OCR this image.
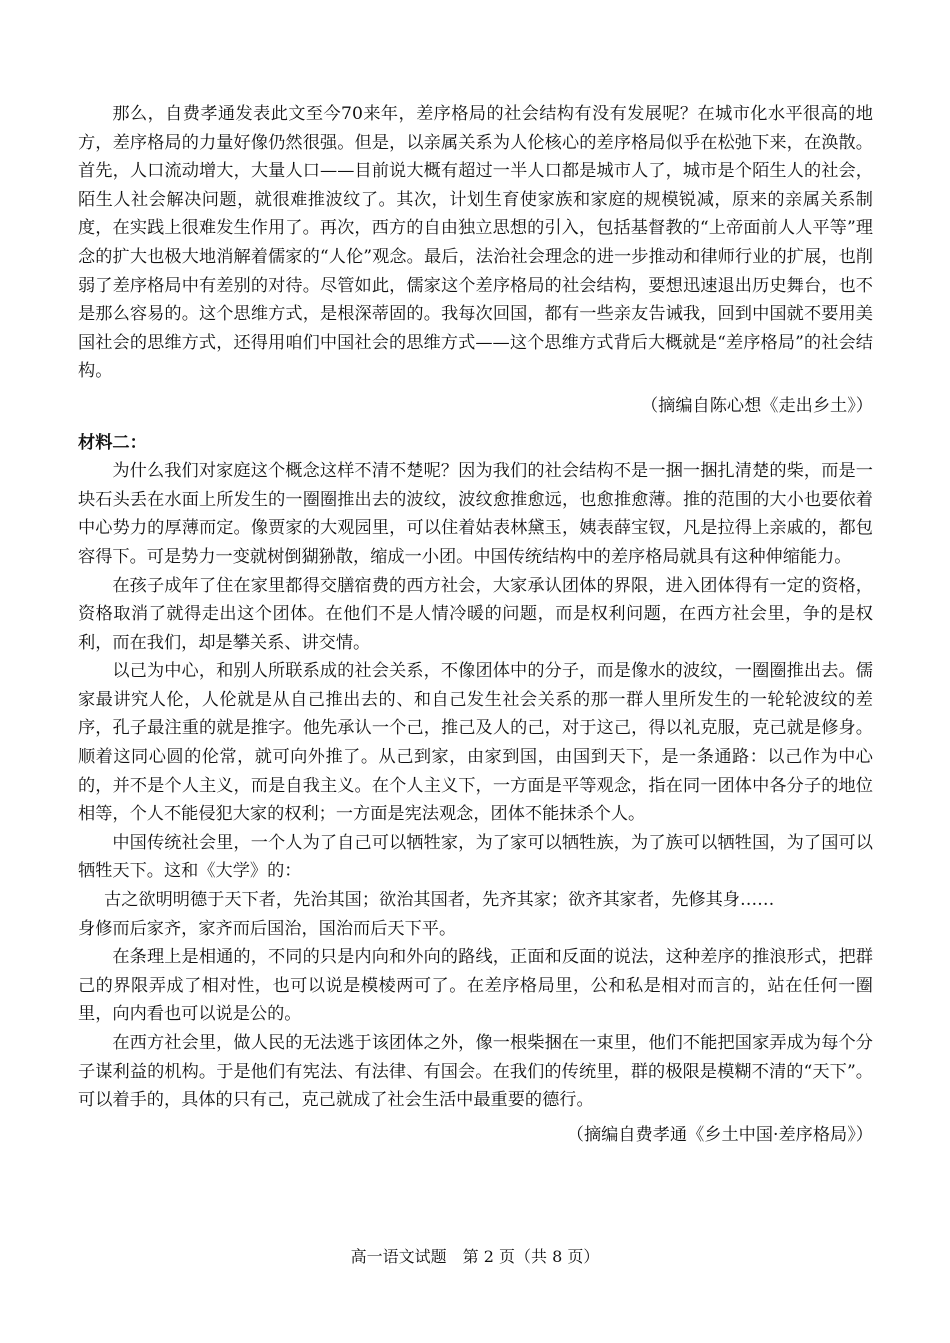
那么，自费孝通发表此文至今70来年，差序格局的社会结构有没有发展呢？在城市化水平很高的地方，差序格局的力量好像仍然很强。但是，以亲属关系为人伦核心的差序格局似乎在松弛下来，在涣散。首先，人口流动增大，大量人口——目前说大概有超过一半人口都是城市人了，城市是个陌生人的社会，陌生人社会解决问题，就很难推波纹了。其次，计划生育使家族和家庭的规模锐减，原来的亲属关系制度，在实践上很难发生作用了。再次，西方的自由独立思想的引入，包括基督教的“上帝面前人人平等”理念的扩大也极大地消解着儒家的“人伦”观念。最后，法治社会理念的进一步推动和律师行业的扩展，也削弱了差序格局中有差别的对待。尽管如此，儒家这个差序格局的社会结构，要想迅速退出历史舞台，也不是那么容易的。这个思维方式，是根深蒂固的。我每次回国，都有一些亲友告诫我，回到中国就不要用美国社会的思维方式，还得用咱们中国社会的思维方式——这个思维方式背后大概就是“差序格局”的社会结构。

（摘编自陈心想《走出乡土》）

材料二：

为什么我们对家庭这个概念这样不清不楚呢？因为我们的社会结构不是一捆一捆扎清楚的柴，而是一块石头丢在水面上所发生的一圈圈推出去的波纹，波纹愈推愈远，也愈推愈薄。推的范围的大小也要依着中心势力的厚薄而定。像贾家的大观园里，可以住着姑表林黛玉，姨表薛宝钗，凡是拉得上亲戚的，都包容得下。可是势力一变就树倒猢狲散，缩成一小团。中国传统结构中的差序格局就具有这种伸缩能力。

在孩子成年了住在家里都得交膳宿费的西方社会，大家承认团体的界限，进入团体得有一定的资格，资格取消了就得走出这个团体。在他们不是人情冷暖的问题，而是权利问题，在西方社会里，争的是权利，而在我们，却是攀关系、讲交情。

以己为中心，和别人所联系成的社会关系，不像团体中的分子，而是像水的波纹，一圈圈推出去。儒家最讲究人伦，人伦就是从自己推出去的、和自己发生社会关系的那一群人里所发生的一轮轮波纹的差序，孔子最注重的就是推字。他先承认一个己，推己及人的己，对于这己，得以礼克服，克己就是修身。顺着这同心圆的伦常，就可向外推了。从己到家，由家到国，由国到天下，是一条通路：以己作为中心的，并不是个人主义，而是自我主义。在个人主义下，一方面是平等观念，指在同一团体中各分子的地位相等，个人不能侵犯大家的权利；一方面是宪法观念，团体不能抹杀个人。

中国传统社会里，一个人为了自己可以牺牲家，为了家可以牺牲族，为了族可以牺牲国，为了国可以牺牲天下。这和《大学》的：

古之欲明明德于天下者，先治其国；欲治其国者，先齐其家；欲齐其家者，先修其身……

身修而后家齐，家齐而后国治，国治而后天下平。

在条理上是相通的，不同的只是内向和外向的路线，正面和反面的说法，这种差序的推浪形式，把群己的界限弄成了相对性，也可以说是模棱两可了。在差序格局里，公和私是相对而言的，站在任何一圈里，向内看也可以说是公的。

在西方社会里，做人民的无法逃于该团体之外，像一根柴捆在一束里，他们不能把国家弄成为每个分子谋利益的机构。于是他们有宪法、有法律、有国会。在我们的传统里，群的极限是模糊不清的“天下”。可以着手的，具体的只有己，克己就成了社会生活中最重要的德行。

（摘编自费孝通《乡土中国·差序格局》）

高一语文试题　第 2 页（共 8 页）
